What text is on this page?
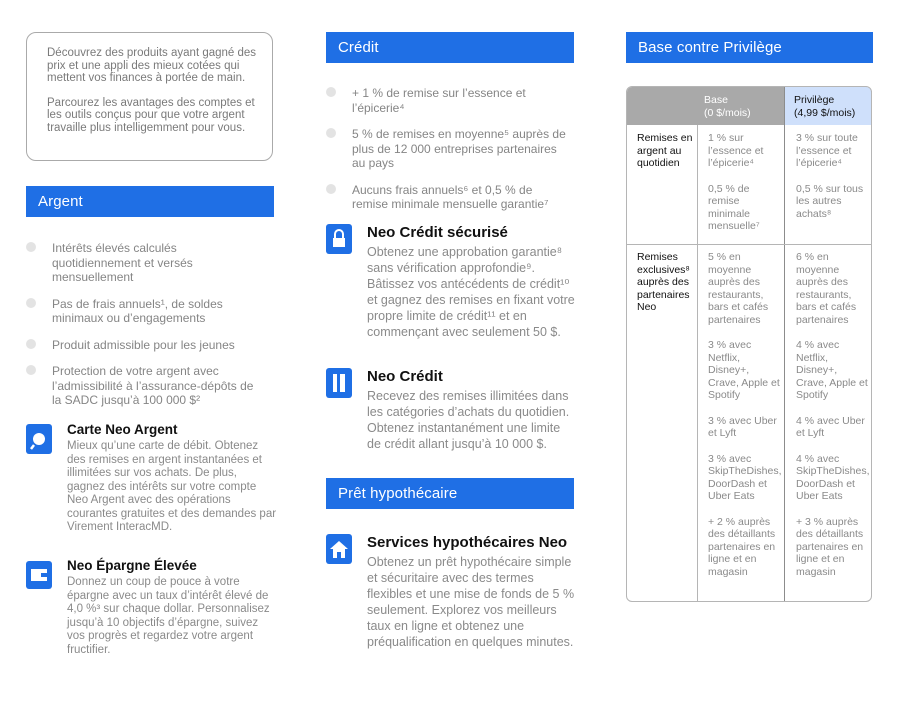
Découvrez des produits ayant gagné des prix et une appli des mieux cotées qui mettent vos finances à portée de main.

Parcourez les avantages des comptes et les outils conçus pour que votre argent travaille plus intelligemment pour vous.

Argent
Intérêts élevés calculés quotidiennement et versés mensuellement
Pas de frais annuels¹, de soldes minimaux ou d’engagements
Produit admissible pour les jeunes
Protection de votre argent avec l’admissibilité à l’assurance-dépôts de la SADC jusqu’à 100 000 $²
Carte Neo Argent
Mieux qu’une carte de débit. Obtenez des remises en argent instantanées et illimitées sur vos achats. De plus, gagnez des intérêts sur votre compte Neo Argent avec des opérations courantes gratuites et des demandes par Virement InteracMD.
Neo Épargne Élevée
Donnez un coup de pouce à votre épargne avec un taux d’intérêt élevé de 4,0 %³ sur chaque dollar. Personnalisez jusqu’à 10 objectifs d’épargne, suivez vos progrès et regardez votre argent fructifier.
Crédit
+ 1 % de remise sur l’essence et l’épicerie⁴
5 % de remises en moyenne⁵ auprès de plus de 12 000 entreprises partenaires au pays
Aucuns frais annuels⁶ et 0,5 % de remise minimale mensuelle garantie⁷
Neo Crédit sécurisé
Obtenez une approbation garantie⁸ sans vérification approfondie⁹. Bâtissez vos antécédents de crédit¹⁰ et gagnez des remises en fixant votre propre limite de crédit¹¹ et en commençant avec seulement 50 $.
Neo Crédit
Recevez des remises illimitées dans les catégories d’achats du quotidien. Obtenez instantanément une limite de crédit allant jusqu’à 10 000 $.
Prêt hypothécaire
Services hypothécaires Neo
Obtenez un prêt hypothécaire simple et sécuritaire avec des termes flexibles et une mise de fonds de 5 % seulement. Explorez vos meilleurs taux en ligne et obtenez une préqualification en quelques minutes.
Base contre Privilège
Base
(0 $/mois)
Privilège
(4,99 $/mois)
Remises en argent au quotidien

1 % sur l’essence et l’épicerie⁴

0,5 % de remise minimale mensuelle⁷

3 % sur toute l’essence et l’épicerie⁴

0,5 % sur tous les autres achats⁸

Remises exclusives⁸ auprès des partenaires Neo

5 % en moyenne auprès des restaurants, bars et cafés partenaires

3 % avec Netflix, Disney+, Crave, Apple et Spotify

3 % avec Uber et Lyft

3 % avec SkipTheDishes, DoorDash et Uber Eats

+ 2 % auprès des détaillants partenaires en ligne et en magasin

6 % en moyenne auprès des restaurants, bars et cafés partenaires

4 % avec Netflix, Disney+, Crave, Apple et Spotify

4 % avec Uber et Lyft

4 % avec SkipTheDishes, DoorDash et Uber Eats

+ 3 % auprès des détaillants partenaires en ligne et en magasin
